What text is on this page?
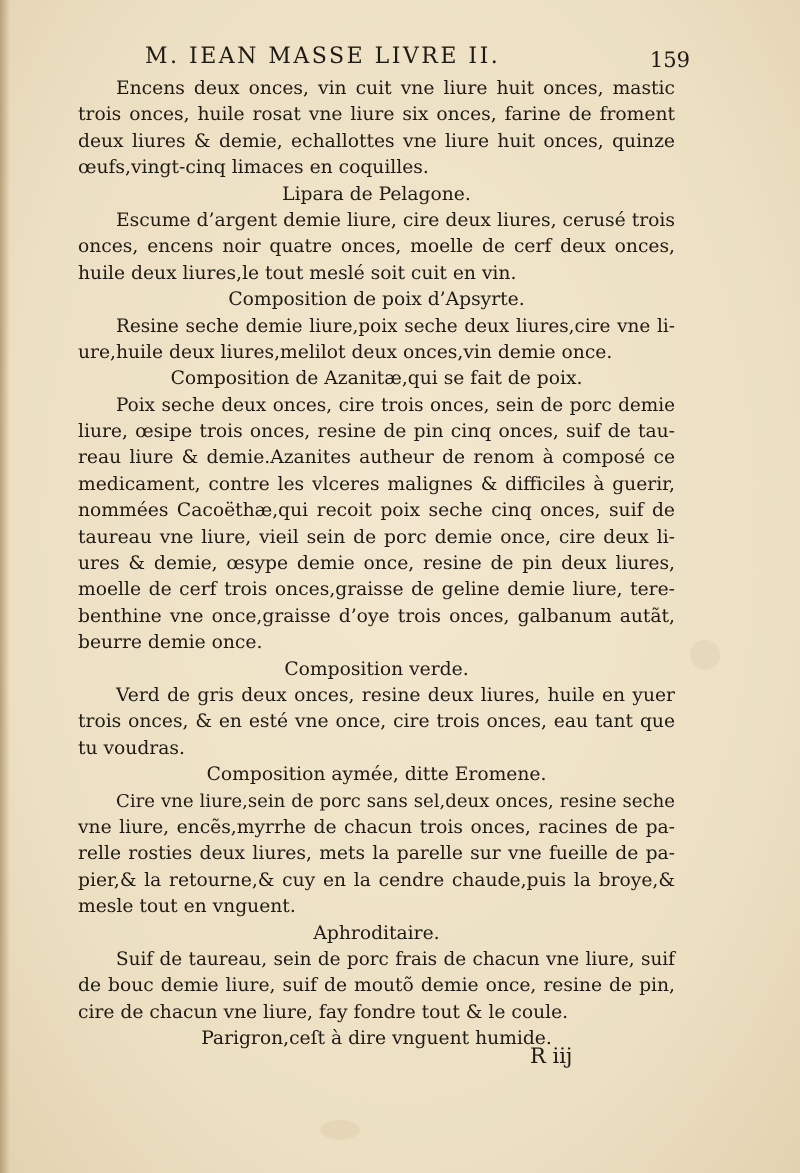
M. IEAN MASSE LIVRE II.	159
Encens deux onces, vin cuit vne liure huit onces, mastic
trois onces, huile rosat vne liure six onces, farine de froment
deux liures & demie, echallottes vne liure huit onces, quinze
œufs,vingt-cinq limaces en coquilles.
Lipara de Pelagone.
Escume d’argent demie liure, cire deux liures, cerusé trois
onces, encens noir quatre onces, moelle de cerf deux onces,
huile deux liures,le tout meslé soit cuit en vin.
Composition de poix d’Apsyrte.
Resine seche demie liure,poix seche deux liures,cire vne li-
ure,huile deux liures,melilot deux onces,vin demie once.
Composition de Azanitæ,qui se fait de poix.
Poix seche deux onces, cire trois onces, sein de porc demie
liure, œsipe trois onces, resine de pin cinq onces, suif de tau-
reau liure & demie.Azanites autheur de renom à composé ce
medicament, contre les vlceres malignes & difficiles à guerir,
nommées Cacoëthæ,qui recoit poix seche cinq onces, suif de
taureau vne liure, vieil sein de porc demie once, cire deux li-
ures & demie, œsype demie once, resine de pin deux liures,
moelle de cerf trois onces,graisse de geline demie liure, tere-
benthine vne once,graisse d’oye trois onces, galbanum autãt,
beurre demie once.
Composition verde.
Verd de gris deux onces, resine deux liures, huile en yuer
trois onces, & en esté vne once, cire trois onces, eau tant que
tu voudras.
Composition aymée, ditte Eromene.
Cire vne liure,sein de porc sans sel,deux onces, resine seche
vne liure, encẽs,myrrhe de chacun trois onces, racines de pa-
relle rosties deux liures, mets la parelle sur vne fueille de pa-
pier,& la retourne,& cuy en la cendre chaude,puis la broye,&
mesle tout en vnguent.
Aphroditaire.
Suif de taureau, sein de porc frais de chacun vne liure, suif
de bouc demie liure, suif de moutõ demie once, resine de pin,
cire de chacun vne liure, fay fondre tout & le coule.
Parigron,ceſt à dire vnguent humide.
R iij
